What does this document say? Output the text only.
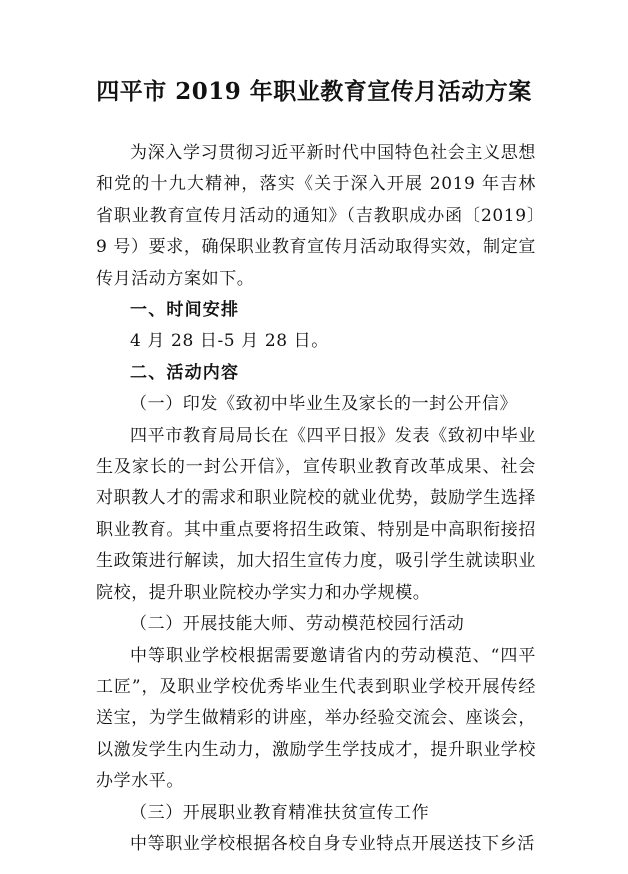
四平市 2019 年职业教育宣传月活动方案

为深入学习贯彻习近平新时代中国特色社会主义思想和党的十九大精神，落实《关于深入开展 2019 年吉林省职业教育宣传月活动的通知》（吉教职成办函〔2019〕9 号）要求，确保职业教育宣传月活动取得实效，制定宣传月活动方案如下。

一、时间安排

4 月 28 日-5 月 28 日。

二、活动内容

（一）印发《致初中毕业生及家长的一封公开信》

四平市教育局局长在《四平日报》发表《致初中毕业生及家长的一封公开信》，宣传职业教育改革成果、社会对职教人才的需求和职业院校的就业优势，鼓励学生选择职业教育。其中重点要将招生政策、特别是中高职衔接招生政策进行解读，加大招生宣传力度，吸引学生就读职业院校，提升职业院校办学实力和办学规模。

（二）开展技能大师、劳动模范校园行活动

中等职业学校根据需要邀请省内的劳动模范、“四平工匠”，及职业学校优秀毕业生代表到职业学校开展传经送宝，为学生做精彩的讲座，举办经验交流会、座谈会，以激发学生内生动力，激励学生学技成才，提升职业学校办学水平。

（三）开展职业教育精准扶贫宣传工作

中等职业学校根据各校自身专业特点开展送技下乡活
